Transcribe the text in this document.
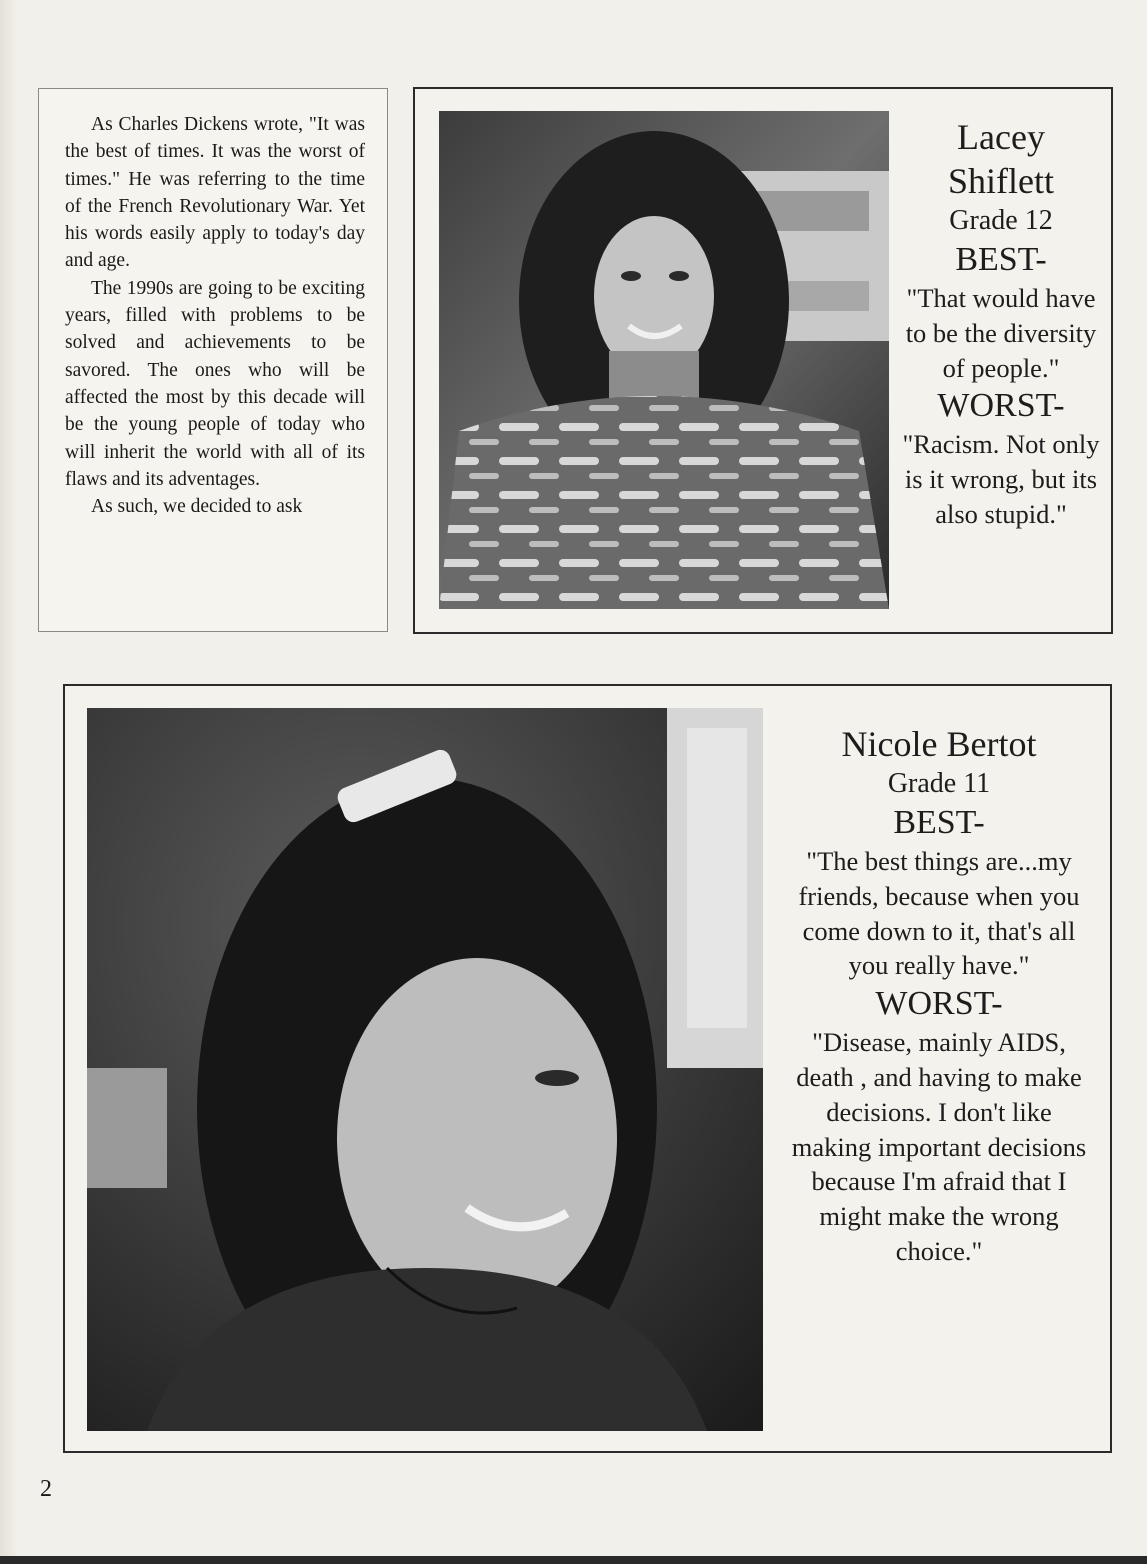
As Charles Dickens wrote, "It was the best of times. It was the worst of times." He was referring to the time of the French Revolutionary War. Yet his words easily apply to today's day and age.

The 1990s are going to be exciting years, filled with problems to be solved and achievements to be savored. The ones who will be affected the most by this decade will be the young people of today who will inherit the world with all of its flaws and its adventages.

As such, we decided to ask

Lacey Shiflett
Grade 12
BEST-
"That would have to be the diversity of people."
WORST-
"Racism. Not only is it wrong, but its also stupid."
Nicole Bertot
Grade 11
BEST-
"The best things are...my friends, because when you come down to it, that's all you really have."
WORST-
"Disease, mainly AIDS, death , and having to make decisions. I don't like making important decisions because I'm afraid that I might make the wrong choice."
2
